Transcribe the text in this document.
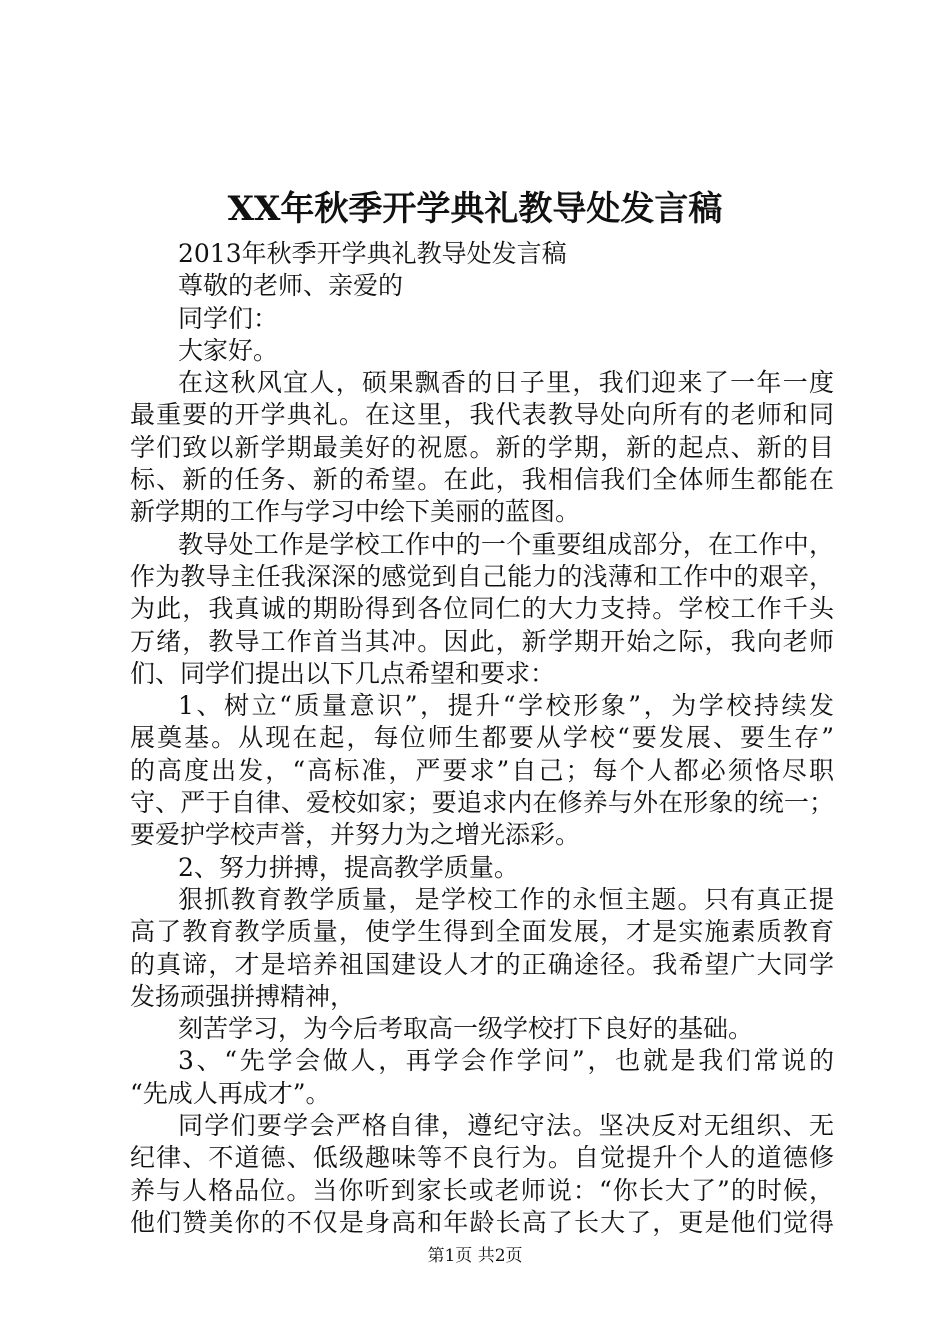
XX年秋季开学典礼教导处发言稿
2013年秋季开学典礼教导处发言稿
尊敬的老师、亲爱的
同学们：
大家好。
在这秋风宜人，硕果飘香的日子里，我们迎来了一年一度
最重要的开学典礼。在这里，我代表教导处向所有的老师和同
学们致以新学期最美好的祝愿。新的学期，新的起点、新的目
标、新的任务、新的希望。在此，我相信我们全体师生都能在
新学期的工作与学习中绘下美丽的蓝图。
教导处工作是学校工作中的一个重要组成部分，在工作中，
作为教导主任我深深的感觉到自己能力的浅薄和工作中的艰辛，
为此，我真诚的期盼得到各位同仁的大力支持。学校工作千头
万绪，教导工作首当其冲。因此，新学期开始之际，我向老师
们、同学们提出以下几点希望和要求：
1、树立“质量意识”，提升“学校形象”，为学校持续发
展奠基。从现在起，每位师生都要从学校“要发展、要生存”
的高度出发，“高标准，严要求”自己；每个人都必须恪尽职
守、严于自律、爱校如家；要追求内在修养与外在形象的统一；
要爱护学校声誉，并努力为之增光添彩。
2、努力拼搏，提高教学质量。
狠抓教育教学质量，是学校工作的永恒主题。只有真正提
高了教育教学质量，使学生得到全面发展，才是实施素质教育
的真谛，才是培养祖国建设人才的正确途径。我希望广大同学
发扬顽强拼搏精神，
刻苦学习，为今后考取高一级学校打下良好的基础。
3、“先学会做人，再学会作学问”，也就是我们常说的
“先成人再成才”。
同学们要学会严格自律，遵纪守法。坚决反对无组织、无
纪律、不道德、低级趣味等不良行为。自觉提升个人的道德修
养与人格品位。当你听到家长或老师说：“你长大了”的时候，
他们赞美你的不仅是身高和年龄长高了长大了，更是他们觉得
第1页 共2页
